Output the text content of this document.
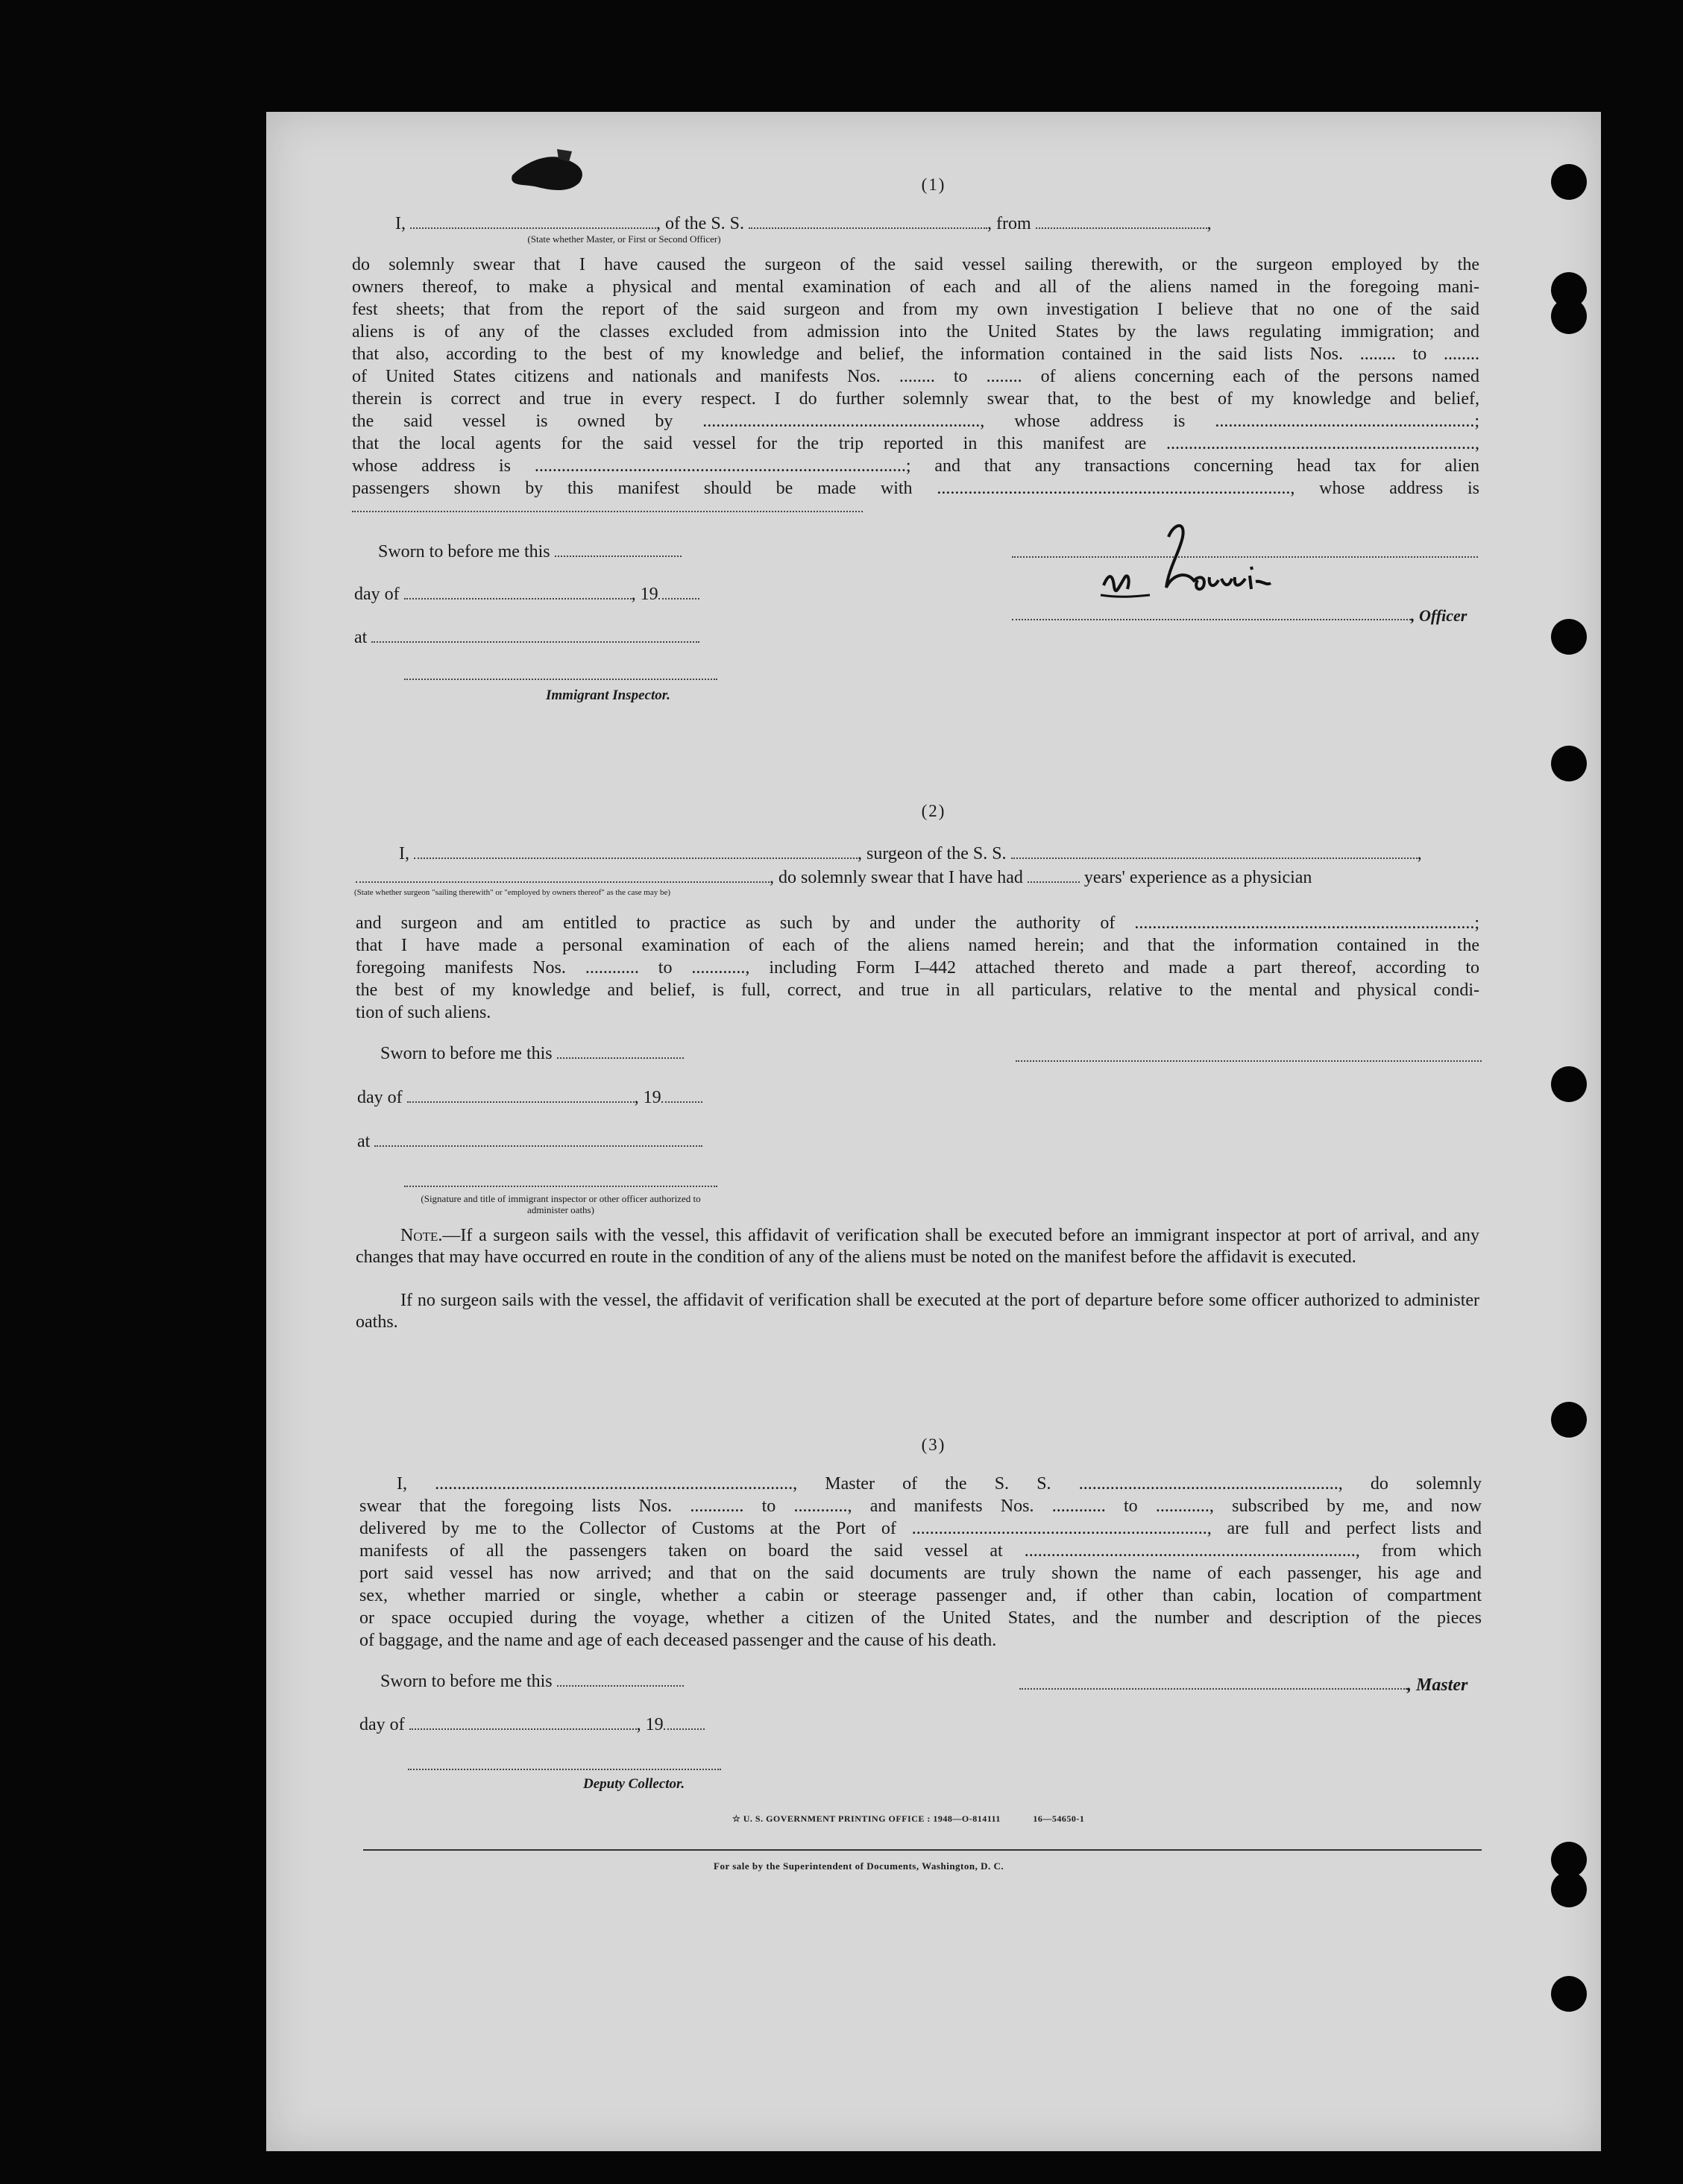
(1)
I,	, of the S. S.	, from	,
(State whether Master, or First or Second Officer)
do solemnly swear that I have caused the surgeon of the said vessel sailing therewith, or the surgeon employed by the
owners thereof, to make a physical and mental examination of each and all of the aliens named in the foregoing mani-
fest sheets; that from the report of the said surgeon and from my own investigation I believe that no one of the said
aliens is of any of the classes excluded from admission into the United States by the laws regulating immigration; and
that also, according to the best of my knowledge and belief, the information contained in the said lists Nos. ........ to ........
of United States citizens and nationals and manifests Nos. ........ to ........ of aliens concerning each of the persons named
therein is correct and true in every respect. I do further solemnly swear that, to the best of my knowledge and belief,
the said vessel is owned by .............................................................., whose address is ..........................................................;
that the local agents for the said vessel for the trip reported in this manifest are .....................................................................,
whose address is ...................................................................................; and that any transactions concerning head tax for alien
passengers shown by this manifest should be made with ..............................................................................., whose address is
Sworn to before me this
day of	, 19
at
Immigrant Inspector.
N. Roussin
, Officer
(2)
I,	, surgeon of the S. S.	,
, do solemnly swear that I have had	years' experience as a physician
(State whether surgeon "sailing therewith" or "employed by owners thereof" as the case may be)
and surgeon and am entitled to practice as such by and under the authority of ............................................................................;
that I have made a personal examination of each of the aliens named herein; and that the information contained in the
foregoing manifests Nos. ............ to ............, including Form I–442 attached thereto and made a part thereof, according to
the best of my knowledge and belief, is full, correct, and true in all particulars, relative to the mental and physical condi-
tion of such aliens.
Sworn to before me this
day of	, 19
at
(Signature and title of immigrant inspector or other officer authorized to administer oaths)
Note.—If a surgeon sails with the vessel, this affidavit of verification shall be executed before an immigrant inspector at port of arrival, and any changes that may have occurred en route in the condition of any of the aliens must be noted on the manifest before the affidavit is executed.
If no surgeon sails with the vessel, the affidavit of verification shall be executed at the port of departure before some officer authorized to administer oaths.
(3)
I, ................................................................................, Master of the S. S. .........................................................., do solemnly
swear that the foregoing lists Nos. ............ to ............, and manifests Nos. ............ to ............, subscribed by me, and now
delivered by me to the Collector of Customs at the Port of .................................................................., are full and perfect lists and
manifests of all the passengers taken on board the said vessel at .........................................................................., from which
port said vessel has now arrived; and that on the said documents are truly shown the name of each passenger, his age and
sex, whether married or single, whether a cabin or steerage passenger and, if other than cabin, location of compartment
or space occupied during the voyage, whether a citizen of the United States, and the number and description of the pieces
of baggage, and the name and age of each deceased passenger and the cause of his death.
Sworn to before me this	, Master
day of	, 19
Deputy Collector.
☆ U. S. GOVERNMENT PRINTING OFFICE : 1948—O-814111	16—54650-1
For sale by the Superintendent of Documents, Washington, D. C.
